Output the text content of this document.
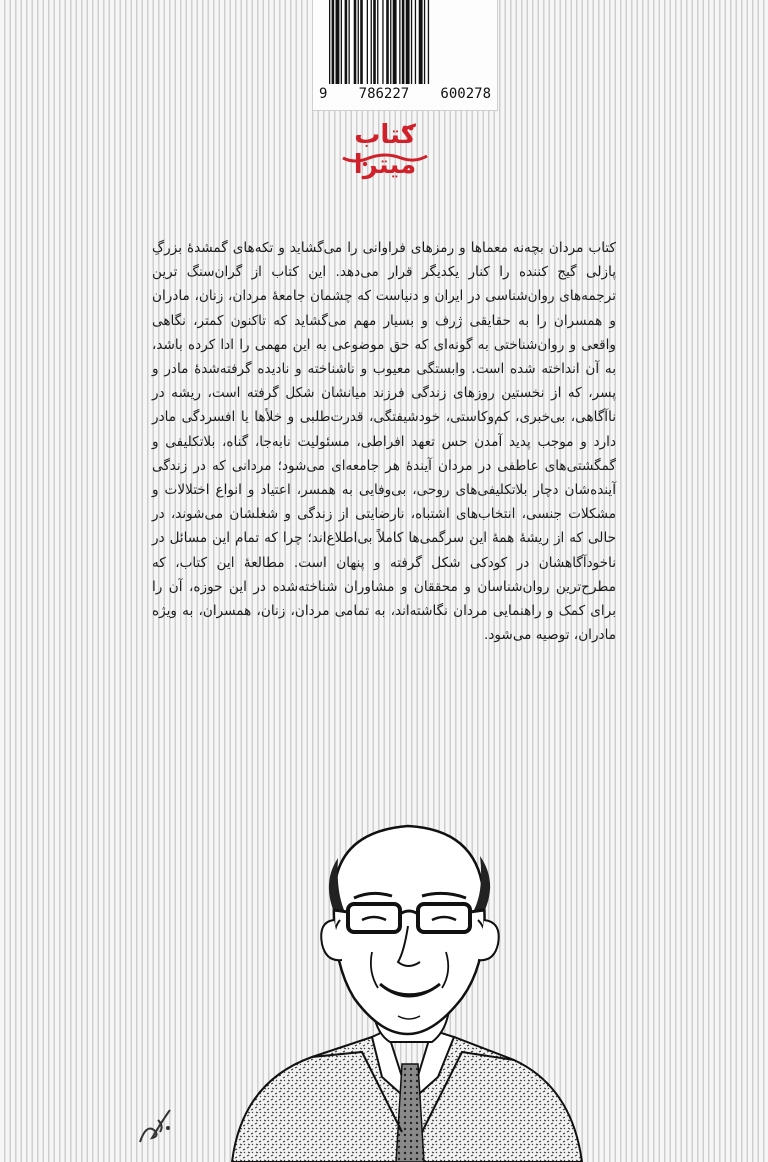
9 786227 600278
کتاب میترا
کتاب مردان بچه‌نه معماها و رمزهای فراوانی را می‌گشاید و تکه‌های گمشدهٔ بزرگِ پازلی گیج کننده را کنار یکدیگر قرار می‌دهد. این کتاب از گران‌سنگ ترین ترجمه‌های روان‌شناسی در ایران و دنیاست که چشمان جامعهٔ مردان، زنان، مادران و همسران را به حقایقی ژرف و بسیار مهم می‌گشاید که تاکنون کمتر، نگاهی واقعی و روان‌شناختی به گونه‌ای که حق موضوعی به این مهمی را ادا کرده باشد، به آن انداخته شده است. وابستگی معیوب و ناشناخته و نادیده گرفته‌شدهٔ مادر و پسر، که از نخستین روزهای زندگی فرزند میانشان شکل گرفته است، ریشه در ناآگاهی، بی‌خبری، کم‌وکاستی، خودشیفتگی، قدرت‌طلبی و خلأها یا افسردگی مادر دارد و موجب پدید آمدن حس تعهد افراطی، مسئولیت نابه‌جا، گناه، بلاتکلیفی و گمگشتی‌های عاطفی در مردان آیندهٔ هر جامعه‌ای می‌شود؛ مردانی که در زندگی آینده‌شان دچار بلاتکلیفی‌های روحی، بی‌وفایی به همسر، اعتیاد و انواع اختلالات و مشکلات جنسی، انتخاب‌های اشتباه، نارضایتی از زندگی و شغلشان می‌شوند، در حالی که از ریشهٔ همهٔ این سرگمی‌ها کاملاً بی‌اطلاع‌اند؛ چرا که تمام این مسائل در ناخودآگاهشان در کودکی شکل گرفته و پنهان است. مطالعهٔ این کتاب، که مطرح‌ترین روان‌شناسان و محققان و مشاوران شناخته‌شده در این حوزه، آن را برای کمک و راهنمایی مردان نگاشته‌اند، به تمامی مردان، زنان، همسران، به ویژه مادران، توصیه می‌شود.
